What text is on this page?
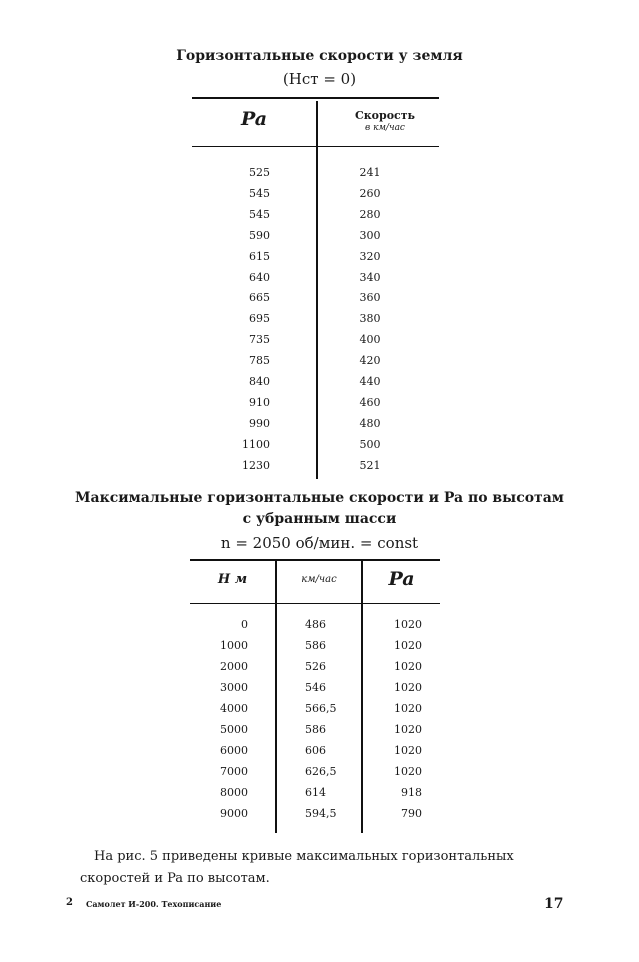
Горизонтальные скорости у земля
(Hст = 0)
Pa	Скорость
в км/час
525	241
545	260
545	280
590	300
615	320
640	340
665	360
695	380
735	400
785	420
840	440
910	460
990	480
1100	500
1230	521
Максимальные горизонтальные скорости и Pa по высотам
с убранным шасси
n = 2050 об/мин. = const
H м	км/час	Pa
0	486	1020
1000	586	1020
2000	526	1020
3000	546	1020
4000	566,5	1020
5000	586	1020
6000	606	1020
7000	626,5	1020
8000	614	918
9000	594,5	790
На рис. 5 приведены кривые максимальных горизонтальных скоростей и Pa по высотам.
2 Самолет И-200. Техописание	17
